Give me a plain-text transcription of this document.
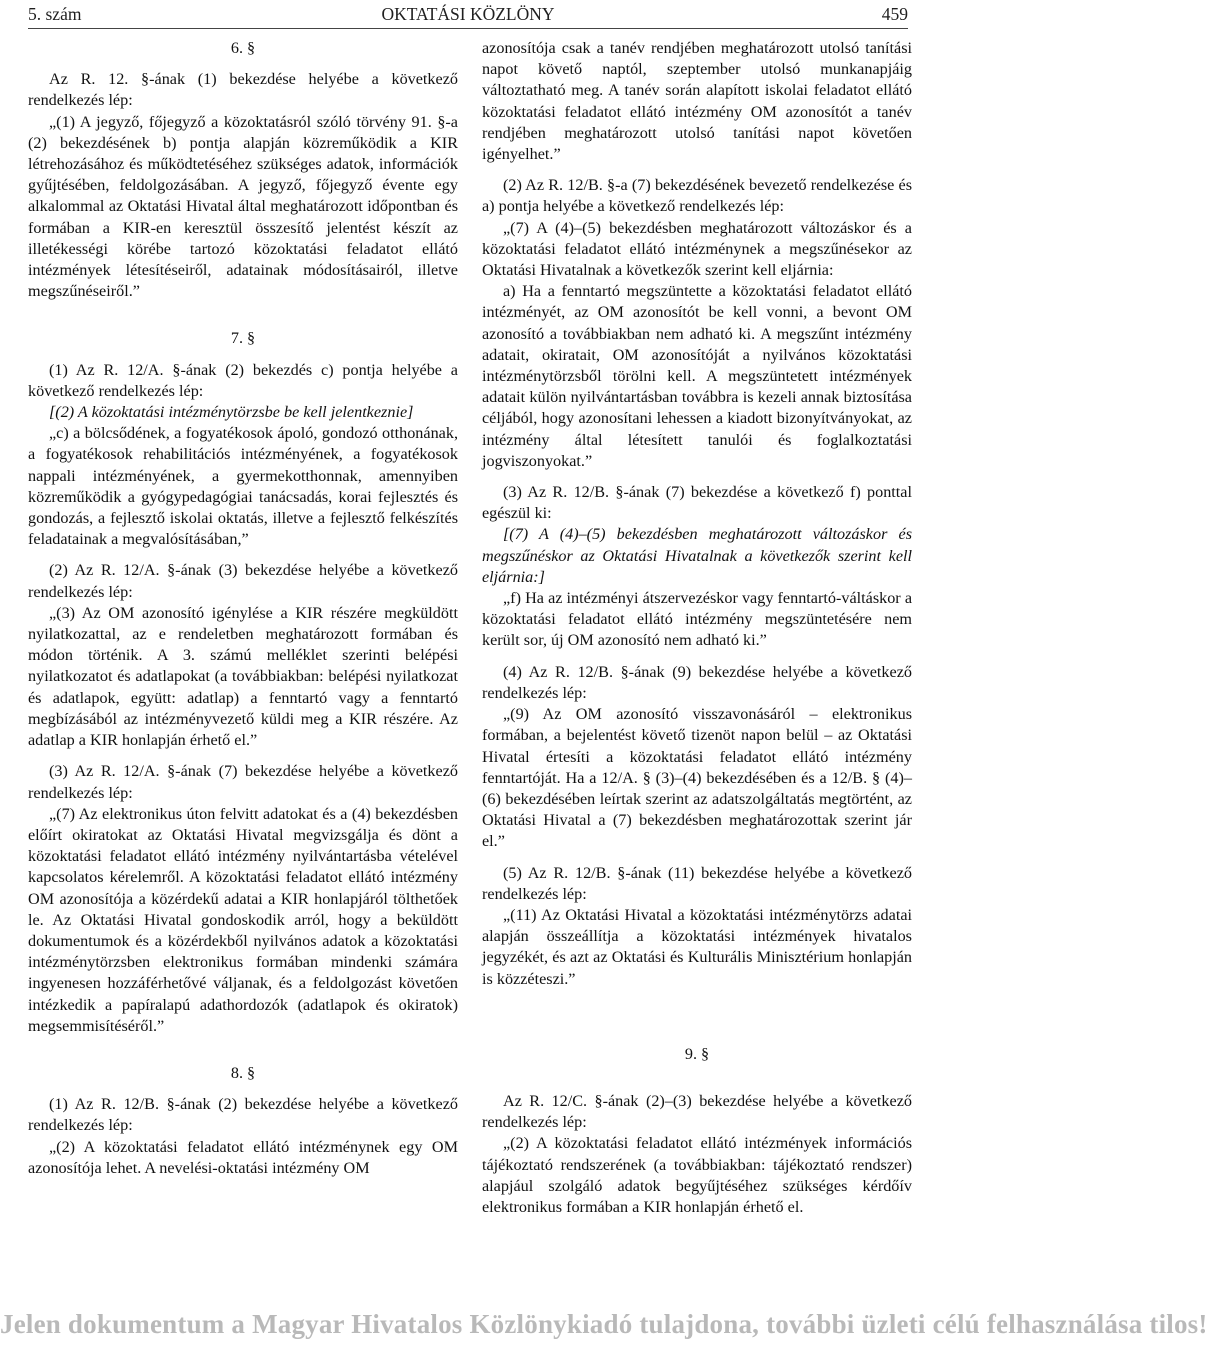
5. szám	OKTATÁSI KÖZLÖNY	459

6. §

Az R. 12. §-ának (1) bekezdése helyébe a következő rendelkezés lép:

„(1) A jegyző, főjegyző a közoktatásról szóló törvény 91. §-a (2) bekezdésének b) pontja alapján közreműködik a KIR létrehozásához és működtetéséhez szükséges adatok, információk gyűjtésében, feldolgozásában. A jegyző, főjegyző évente egy alkalommal az Oktatási Hivatal által meghatározott időpontban és formában a KIR-en keresztül összesítő jelentést készít az illetékességi körébe tartozó közoktatási feladatot ellátó intézmények létesítéseiről, adatainak módosításairól, illetve megszűnéseiről.”

7. §

(1) Az R. 12/A. §-ának (2) bekezdés c) pontja helyébe a következő rendelkezés lép:

[(2) A közoktatási intézménytörzsbe be kell jelentkeznie]

„c) a bölcsődének, a fogyatékosok ápoló, gondozó otthonának, a fogyatékosok rehabilitációs intézményének, a fogyatékosok nappali intézményének, a gyermekotthonnak, amennyiben közreműködik a gyógypedagógiai tanácsadás, korai fejlesztés és gondozás, a fejlesztő iskolai oktatás, illetve a fejlesztő felkészítés feladatainak a megvalósításában,”

(2) Az R. 12/A. §-ának (3) bekezdése helyébe a következő rendelkezés lép:

„(3) Az OM azonosító igénylése a KIR részére megküldött nyilatkozattal, az e rendeletben meghatározott formában és módon történik. A 3. számú melléklet szerinti belépési nyilatkozatot és adatlapokat (a továbbiakban: belépési nyilatkozat és adatlapok, együtt: adatlap) a fenntartó vagy a fenntartó megbízásából az intézményvezető küldi meg a KIR részére. Az adatlap a KIR honlapján érhető el.”

(3) Az R. 12/A. §-ának (7) bekezdése helyébe a következő rendelkezés lép:

„(7) Az elektronikus úton felvitt adatokat és a (4) bekezdésben előírt okiratokat az Oktatási Hivatal megvizsgálja és dönt a közoktatási feladatot ellátó intézmény nyilvántartásba vételével kapcsolatos kérelemről. A közoktatási feladatot ellátó intézmény OM azonosítója a közérdekű adatai a KIR honlapjáról tölthetőek le. Az Oktatási Hivatal gondoskodik arról, hogy a beküldött dokumentumok és a közérdekből nyilvános adatok a közoktatási intézménytörzsben elektronikus formában mindenki számára ingyenesen hozzáférhetővé váljanak, és a feldolgozást követően intézkedik a papíralapú adathordozók (adatlapok és okiratok) megsemmisítéséről.”

8. §

(1) Az R. 12/B. §-ának (2) bekezdése helyébe a következő rendelkezés lép:

„(2) A közoktatási feladatot ellátó intézménynek egy OM azonosítója lehet. A nevelési-oktatási intézmény OM

azonosítója csak a tanév rendjében meghatározott utolsó tanítási napot követő naptól, szeptember utolsó munkanapjáig változtatható meg. A tanév során alapított iskolai feladatot ellátó közoktatási feladatot ellátó intézmény OM azonosítót a tanév rendjében meghatározott utolsó tanítási napot követően igényelhet.”

(2) Az R. 12/B. §-a (7) bekezdésének bevezető rendelkezése és a) pontja helyébe a következő rendelkezés lép:

„(7) A (4)–(5) bekezdésben meghatározott változáskor és a közoktatási feladatot ellátó intézménynek a megszűnésekor az Oktatási Hivatalnak a következők szerint kell eljárnia:

a) Ha a fenntartó megszüntette a közoktatási feladatot ellátó intézményét, az OM azonosítót be kell vonni, a bevont OM azonosító a továbbiakban nem adható ki. A megszűnt intézmény adatait, okiratait, OM azonosítóját a nyilvános közoktatási intézménytörzsből törölni kell. A megszüntetett intézmények adatait külön nyilvántartásban továbbra is kezeli annak biztosítása céljából, hogy azonosítani lehessen a kiadott bizonyítványokat, az intézmény által létesített tanulói és foglalkoztatási jogviszonyokat.”

(3) Az R. 12/B. §-ának (7) bekezdése a következő f) ponttal egészül ki:

[(7) A (4)–(5) bekezdésben meghatározott változáskor és megszűnéskor az Oktatási Hivatalnak a következők szerint kell eljárnia:]

„f) Ha az intézményi átszervezéskor vagy fenntartó-váltáskor a közoktatási feladatot ellátó intézmény megszüntetésére nem került sor, új OM azonosító nem adható ki.”

(4) Az R. 12/B. §-ának (9) bekezdése helyébe a következő rendelkezés lép:

„(9) Az OM azonosító visszavonásáról – elektronikus formában, a bejelentést követő tizenöt napon belül – az Oktatási Hivatal értesíti a közoktatási feladatot ellátó intézmény fenntartóját. Ha a 12/A. § (3)–(4) bekezdésében és a 12/B. § (4)–(6) bekezdésében leírtak szerint az adatszolgáltatás megtörtént, az Oktatási Hivatal a (7) bekezdésben meghatározottak szerint jár el.”

(5) Az R. 12/B. §-ának (11) bekezdése helyébe a következő rendelkezés lép:

„(11) Az Oktatási Hivatal a közoktatási intézménytörzs adatai alapján összeállítja a közoktatási intézmények hivatalos jegyzékét, és azt az Oktatási és Kulturális Minisztérium honlapján is közzéteszi.”

9. §

Az R. 12/C. §-ának (2)–(3) bekezdése helyébe a következő rendelkezés lép:

„(2) A közoktatási feladatot ellátó intézmények információs tájékoztató rendszerének (a továbbiakban: tájékoztató rendszer) alapjául szolgáló adatok begyűjtéséhez szükséges kérdőív elektronikus formában a KIR honlapján érhető el.

Jelen dokumentum a Magyar Hivatalos Közlönykiadó tulajdona, további üzleti célú felhasználása tilos!
